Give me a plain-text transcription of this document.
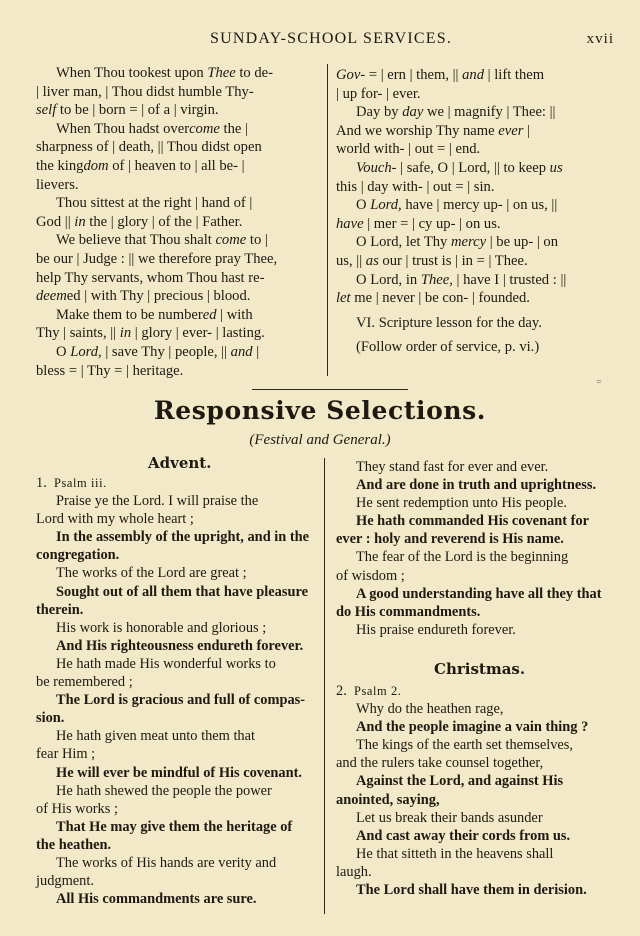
SUNDAY-SCHOOL SERVICES.	xvii
When Thou tookest upon Thee to de-
| liver man, | Thou didst humble Thy-
self to be | born = | of a | virgin.
When Thou hadst overcome the |
sharpness of | death, || Thou didst open
the kingdom of | heaven to | all be- |
lievers.
Thou sittest at the right | hand of |
God || in the | glory | of the | Father.
We believe that Thou shalt come to |
be our | Judge : || we therefore pray Thee,
help Thy servants, whom Thou hast re-
deemed | with Thy | precious | blood.
Make them to be numbered | with
Thy | saints, || in | glory | ever- | lasting.
O Lord, | save Thy | people, || and |
bless = | Thy = | heritage.
Gov- = | ern | them, || and | lift them
| up for- | ever.
Day by day we | magnify | Thee: ||
And we worship Thy name ever |
world with- | out = | end.
Vouch- | safe, O | Lord, || to keep us
this | day with- | out = | sin.
O Lord, have | mercy up- | on us, ||
have | mer = | cy up- | on us.
O Lord, let Thy mercy | be up- | on
us, || as our | trust is | in = | Thee.
O Lord, in Thee, | have I | trusted : ||
let me | never | be con- | founded.
VI. Scripture lesson for the day.
(Follow order of service, p. vi.)
⁼
Responsive Selections.
(Festival and General.)
Advent.
1. Psalm iii.
Praise ye the Lord. I will praise the
Lord with my whole heart ;
In the assembly of the upright, and in the
congregation.
The works of the Lord are great ;
Sought out of all them that have pleasure
therein.
His work is honorable and glorious ;
And His righteousness endureth forever.
He hath made His wonderful works to
be remembered ;
The Lord is gracious and full of compas-
sion.
He hath given meat unto them that
fear Him ;
He will ever be mindful of His covenant.
He hath shewed the people the power
of His works ;
That He may give them the heritage of
the heathen.
The works of His hands are verity and
judgment.
All His commandments are sure.
They stand fast for ever and ever.
And are done in truth and uprightness.
He sent redemption unto His people.
He hath commanded His covenant for
ever : holy and reverend is His name.
The fear of the Lord is the beginning
of wisdom ;
A good understanding have all they that
do His commandments.
His praise endureth forever.
Christmas.
2. Psalm 2.
Why do the heathen rage,
And the people imagine a vain thing ?
The kings of the earth set themselves,
and the rulers take counsel together,
Against the Lord, and against His
anointed, saying,
Let us break their bands asunder
And cast away their cords from us.
He that sitteth in the heavens shall
laugh.
The Lord shall have them in derision.
